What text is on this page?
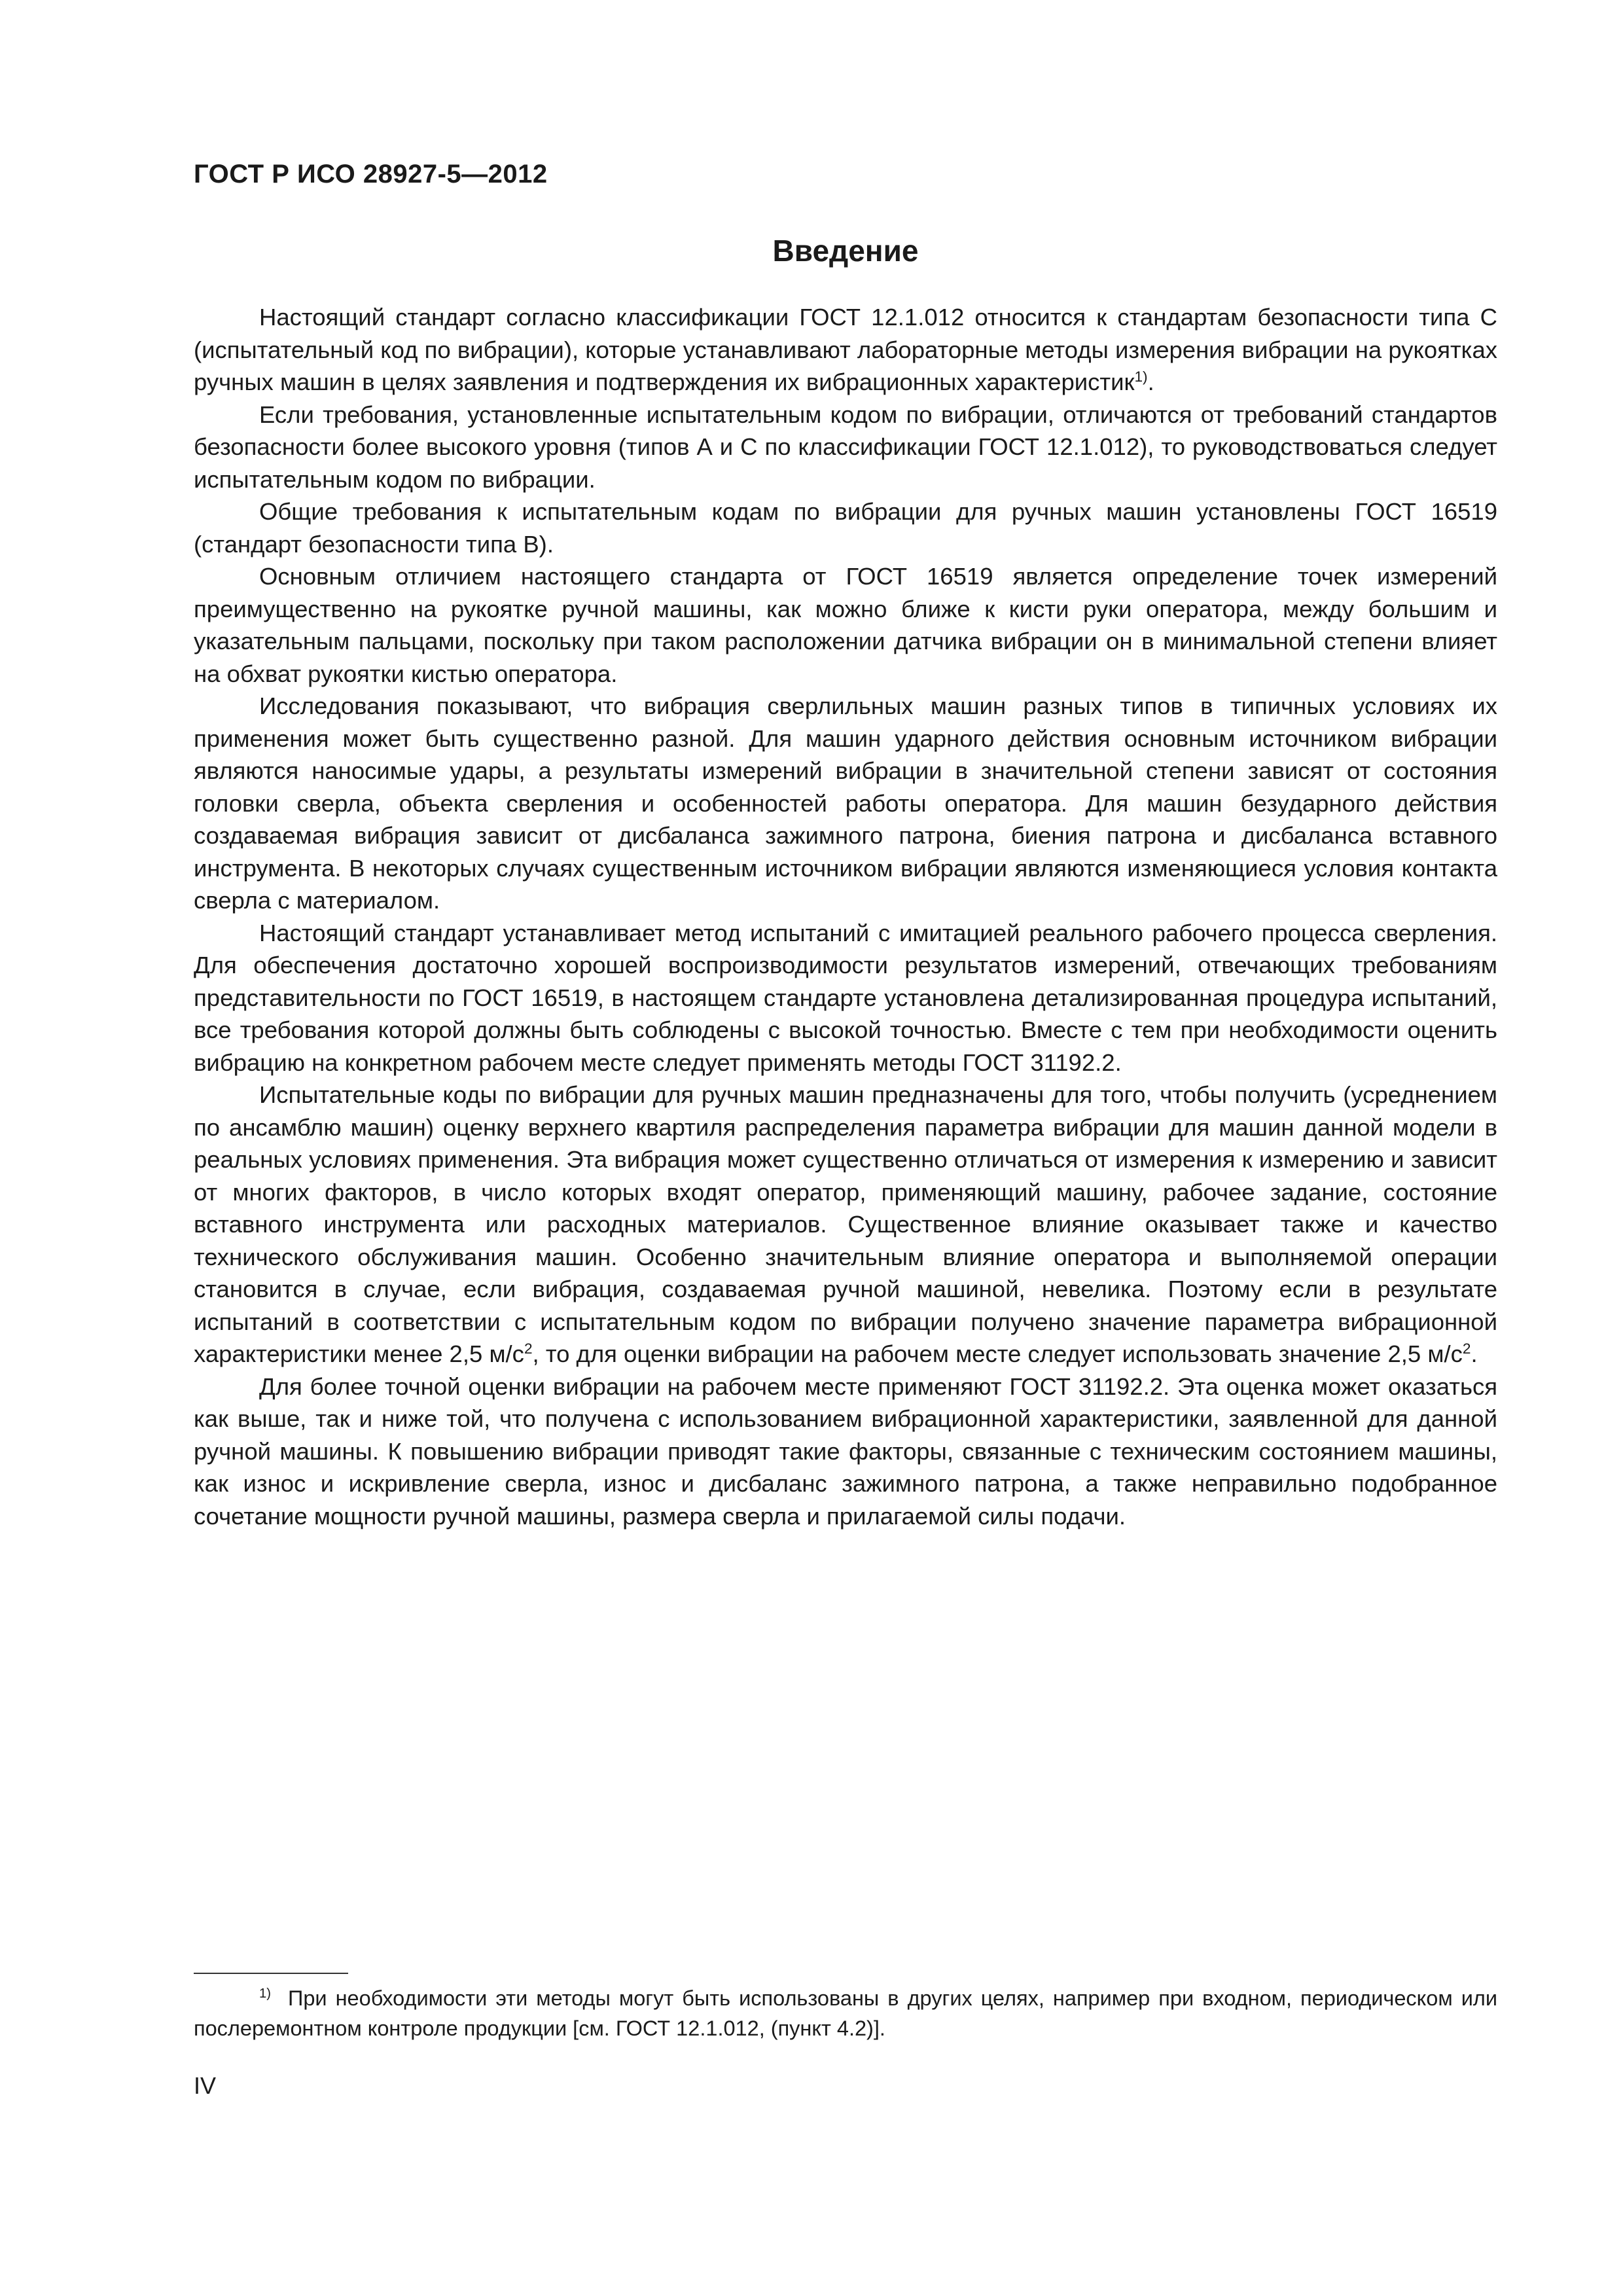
ГОСТ Р ИСО 28927-5—2012

Введение

Настоящий стандарт согласно классификации ГОСТ 12.1.012 относится к стандартам безопасности типа С (испытательный код по вибрации), которые устанавливают лабораторные методы измерения вибрации на рукоятках ручных машин в целях заявления и подтверждения их вибрационных характеристик$^{1)}$.

Если требования, установленные испытательным кодом по вибрации, отличаются от требований стандартов безопасности более высокого уровня (типов А и С по классификации ГОСТ 12.1.012), то руководствоваться следует испытательным кодом по вибрации.

Общие требования к испытательным кодам по вибрации для ручных машин установлены ГОСТ 16519 (стандарт безопасности типа В).

Основным отличием настоящего стандарта от ГОСТ 16519 является определение точек измерений преимущественно на рукоятке ручной машины, как можно ближе к кисти руки оператора, между большим и указательным пальцами, поскольку при таком расположении датчика вибрации он в минимальной степени влияет на обхват рукоятки кистью оператора.

Исследования показывают, что вибрация сверлильных машин разных типов в типичных условиях их применения может быть существенно разной. Для машин ударного действия основным источником вибрации являются наносимые удары, а результаты измерений вибрации в значительной степени зависят от состояния головки сверла, объекта сверления и особенностей работы оператора. Для машин безударного действия создаваемая вибрация зависит от дисбаланса зажимного патрона, биения патрона и дисбаланса вставного инструмента. В некоторых случаях существенным источником вибрации являются изменяющиеся условия контакта сверла с материалом.

Настоящий стандарт устанавливает метод испытаний с имитацией реального рабочего процесса сверления. Для обеспечения достаточно хорошей воспроизводимости результатов измерений, отвечающих требованиям представительности по ГОСТ 16519, в настоящем стандарте установлена детализированная процедура испытаний, все требования которой должны быть соблюдены с высокой точностью. Вместе с тем при необходимости оценить вибрацию на конкретном рабочем месте следует применять методы ГОСТ 31192.2.

Испытательные коды по вибрации для ручных машин предназначены для того, чтобы получить (усреднением по ансамблю машин) оценку верхнего квартиля распределения параметра вибрации для машин данной модели в реальных условиях применения. Эта вибрация может существенно отличаться от измерения к измерению и зависит от многих факторов, в число которых входят оператор, применяющий машину, рабочее задание, состояние вставного инструмента или расходных материалов. Существенное влияние оказывает также и качество технического обслуживания машин. Особенно значительным влияние оператора и выполняемой операции становится в случае, если вибрация, создаваемая ручной машиной, невелика. Поэтому если в результате испытаний в соответствии с испытательным кодом по вибрации получено значение параметра вибрационной характеристики менее 2,5 $м/с^2$, то для оценки вибрации на рабочем месте следует использовать значение 2,5 $м/с^2$.

Для более точной оценки вибрации на рабочем месте применяют ГОСТ 31192.2. Эта оценка может оказаться как выше, так и ниже той, что получена с использованием вибрационной характеристики, заявленной для данной ручной машины. К повышению вибрации приводят такие факторы, связанные с техническим состоянием машины, как износ и искривление сверла, износ и дисбаланс зажимного патрона, а также неправильно подобранное сочетание мощности ручной машины, размера сверла и прилагаемой силы подачи.

$^{1)}$ При необходимости эти методы могут быть использованы в других целях, например при входном, периодическом или послеремонтном контроле продукции [см. ГОСТ 12.1.012, (пункт 4.2)].

IV
